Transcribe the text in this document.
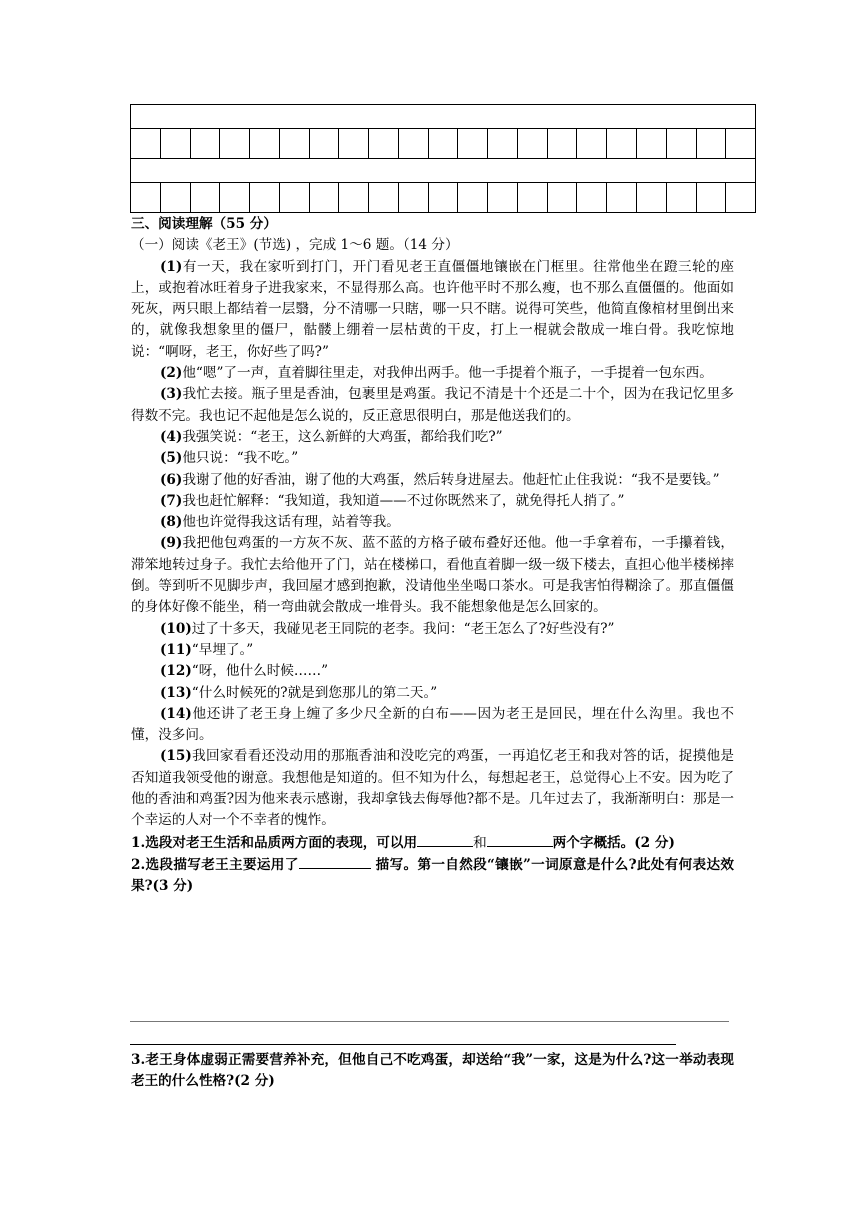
三、阅读理解（55 分）

（一）阅读《老王》(节选) ，完成 1～6 题。（14 分）

(1)有一天，我在家听到打门，开门看见老王直僵僵地镶嵌在门框里。往常他坐在蹬三轮的座上，或抱着冰旺着身子进我家来，不显得那么高。也许他平时不那么瘦，也不那么直僵僵的。他面如死灰，两只眼上都结着一层翳，分不清哪一只瞎，哪一只不瞎。说得可笑些，他简直像棺材里倒出来的，就像我想象里的僵尸，骷髅上绷着一层枯黄的干皮，打上一棍就会散成一堆白骨。我吃惊地说：“啊呀，老王，你好些了吗?”

(2)他“嗯”了一声，直着脚往里走，对我伸出两手。他一手提着个瓶子，一手提着一包东西。

(3)我忙去接。瓶子里是香油，包裹里是鸡蛋。我记不清是十个还是二十个，因为在我记忆里多得数不完。我也记不起他是怎么说的，反正意思很明白，那是他送我们的。

(4)我强笑说：“老王，这么新鲜的大鸡蛋，都给我们吃?”

(5)他只说：“我不吃。”

(6)我谢了他的好香油，谢了他的大鸡蛋，然后转身进屋去。他赶忙止住我说：“我不是要钱。”

(7)我也赶忙解释：“我知道，我知道——不过你既然来了，就免得托人捎了。”

(8)他也许觉得我这话有理，站着等我。

(9)我把他包鸡蛋的一方灰不灰、蓝不蓝的方格子破布叠好还他。他一手拿着布，一手攥着钱，滞笨地转过身子。我忙去给他开了门，站在楼梯口，看他直着脚一级一级下楼去，直担心他半楼梯摔倒。等到听不见脚步声，我回屋才感到抱歉，没请他坐坐喝口茶水。可是我害怕得糊涂了。那直僵僵的身体好像不能坐，稍一弯曲就会散成一堆骨头。我不能想象他是怎么回家的。

(10)过了十多天，我碰见老王同院的老李。我问：“老王怎么了?好些没有?”

(11)“早埋了。”

(12)“呀，他什么时候……”

(13)“什么时候死的?就是到您那儿的第二天。”

(14)他还讲了老王身上缠了多少尺全新的白布——因为老王是回民，埋在什么沟里。我也不懂，没多问。

(15)我回家看看还没动用的那瓶香油和没吃完的鸡蛋，一再追忆老王和我对答的话，捉摸他是否知道我领受他的谢意。我想他是知道的。但不知为什么，每想起老王，总觉得心上不安。因为吃了他的香油和鸡蛋?因为他来表示感谢，我却拿钱去侮辱他?都不是。几年过去了，我渐渐明白：那是一个幸运的人对一个不幸者的愧怍。

1.选段对老王生活和品质两方面的表现，可以用	和	两个字概括。(2 分)

2.选段描写老王主要运用了	描写。第一自然段“镶嵌”一词原意是什么?此处有何表达效果?(3 分)

3.老王身体虚弱正需要营养补充，但他自己不吃鸡蛋，却送给“我”一家，这是为什么?这一举动表现老王的什么性格?(2 分)
